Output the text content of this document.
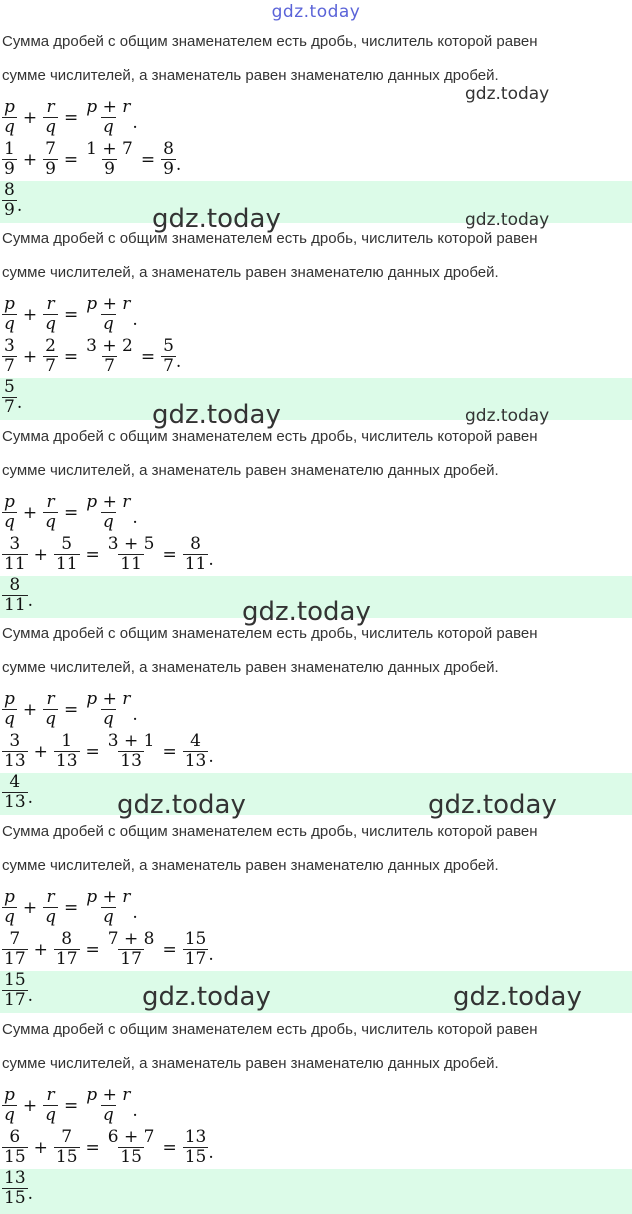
gdz.today
Сумма дробей с общим знаменателем есть дробь, числитель которой равен
сумме числителей, а знаменатель равен знаменателю данных дробей.
$\frac{p}{q} + \frac{r}{q} = \frac{p + r}{q}$ .
$\frac{1}{9} + \frac{7}{9} = \frac{1 + 7}{9} = \frac{8}{9}$ .
$\frac{8}{9}$ .	gdz.today	gdz.today
gdz.today
Сумма дробей с общим знаменателем есть дробь, числитель которой равен
сумме числителей, а знаменатель равен знаменателю данных дробей.
$\frac{p}{q} + \frac{r}{q} = \frac{p + r}{q}$ .
$\frac{3}{7} + \frac{2}{7} = \frac{3 + 2}{7} = \frac{5}{7}$ .
$\frac{5}{7}$ .	gdz.today	gdz.today
Сумма дробей с общим знаменателем есть дробь, числитель которой равен
сумме числителей, а знаменатель равен знаменателю данных дробей.
$\frac{p}{q} + \frac{r}{q} = \frac{p + r}{q}$ .
$\frac{3}{11} + \frac{5}{11} = \frac{3 + 5}{11} = \frac{8}{11}$ .
$\frac{8}{11}$ .	gdz.today
Сумма дробей с общим знаменателем есть дробь, числитель которой равен
сумме числителей, а знаменатель равен знаменателю данных дробей.
$\frac{p}{q} + \frac{r}{q} = \frac{p + r}{q}$ .
$\frac{3}{13} + \frac{1}{13} = \frac{3 + 1}{13} = \frac{4}{13}$ .
$\frac{4}{13}$ .	gdz.today	gdz.today
Сумма дробей с общим знаменателем есть дробь, числитель которой равен
сумме числителей, а знаменатель равен знаменателю данных дробей.
$\frac{p}{q} + \frac{r}{q} = \frac{p + r}{q}$ .
$\frac{7}{17} + \frac{8}{17} = \frac{7 + 8}{17} = \frac{15}{17}$ .
$\frac{15}{17}$ .	gdz.today	gdz.today
Сумма дробей с общим знаменателем есть дробь, числитель которой равен
сумме числителей, а знаменатель равен знаменателю данных дробей.
$\frac{p}{q} + \frac{r}{q} = \frac{p + r}{q}$ .
$\frac{6}{15} + \frac{7}{15} = \frac{6 + 7}{15} = \frac{13}{15}$ .
$\frac{13}{15}$ .
